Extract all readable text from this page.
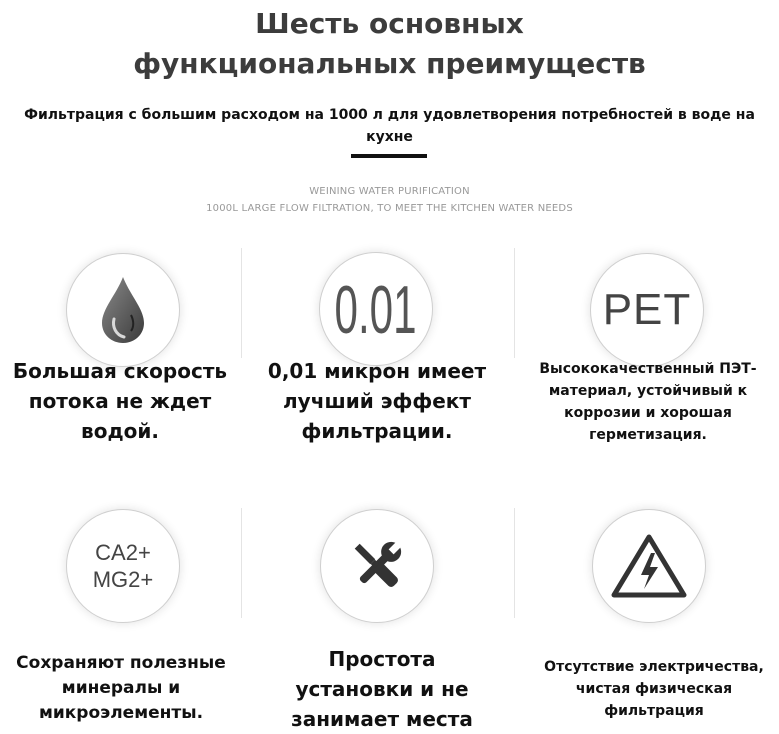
Шесть основных функциональных преимуществ
Фильтрация с большим расходом на 1000 л для удовлетворения потребностей в воде на кухне
WEINING WATER PURIFICATION
1000L LARGE FLOW FILTRATION, TO MEET THE KITCHEN WATER NEEDS
Большая скорость потока не ждет водой.
0.01
0,01 микрон имеет лучший эффект фильтрации.
PET
Высококачественный ПЭТ-материал, устойчивый к коррозии и хорошая герметизация.
CA2+
MG2+
Сохраняют полезные минералы и микроэлементы.
Простота установки и не занимает места
Отсутствие электричества, чистая физическая фильтрация
